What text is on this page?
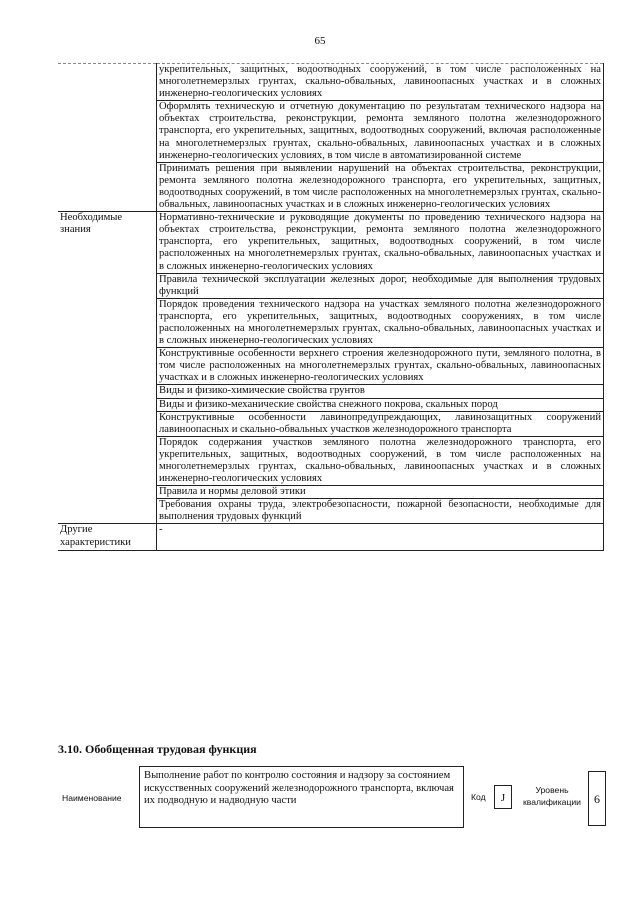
65
	укрепительных, защитных, водоотводных сооружений, в том числе расположенных на многолетнемерзлых грунтах, скально-обвальных, лавиноопасных участках и в сложных инженерно-геологических условиях
	Оформлять техническую и отчетную документацию по результатам технического надзора на объектах строительства, реконструкции, ремонта земляного полотна железнодорожного транспорта, его укрепительных, защитных, водоотводных сооружений, включая расположенные на многолетнемерзлых грунтах, скально-обвальных, лавиноопасных участках и в сложных инженерно-геологических условиях, в том числе в автоматизированной системе
	Принимать решения при выявлении нарушений на объектах строительства, реконструкции, ремонта земляного полотна железнодорожного транспорта, его укрепительных, защитных, водоотводных сооружений, в том числе расположенных на многолетнемерзлых грунтах, скально-обвальных, лавиноопасных участках и в сложных инженерно-геологических условиях
Необходимые знания	Нормативно-технические и руководящие документы по проведению технического надзора на объектах строительства, реконструкции, ремонта земляного полотна железнодорожного транспорта, его укрепительных, защитных, водоотводных сооружений, в том числе расположенных на многолетнемерзлых грунтах, скально-обвальных, лавиноопасных участках и в сложных инженерно-геологических условиях
	Правила технической эксплуатации железных дорог, необходимые для выполнения трудовых функций
	Порядок проведения технического надзора на участках земляного полотна железнодорожного транспорта, его укрепительных, защитных, водоотводных сооружениях, в том числе расположенных на многолетнемерзлых грунтах, скально-обвальных, лавиноопасных участках и в сложных инженерно-геологических условиях
	Конструктивные особенности верхнего строения железнодорожного пути, земляного полотна, в том числе расположенных на многолетнемерзлых грунтах, скально-обвальных, лавиноопасных участках и в сложных инженерно-геологических условиях
	Виды и физико-химические свойства грунтов
	Виды и физико-механические свойства снежного покрова, скальных пород
	Конструктивные особенности лавинопредупреждающих, лавинозащитных сооружений лавиноопасных и скально-обвальных участков железнодорожного транспорта
	Порядок содержания участков земляного полотна железнодорожного транспорта, его укрепительных, защитных, водоотводных сооружений, в том числе расположенных на многолетнемерзлых грунтах, скально-обвальных, лавиноопасных участках и в сложных инженерно-геологических условиях
	Правила и нормы деловой этики
	Требования охраны труда, электробезопасности, пожарной безопасности, необходимые для выполнения трудовых функций
Другие характеристики	-
3.10. Обобщенная трудовая функция
Наименование
Выполнение работ по контролю состояния и надзору за состоянием искусственных сооружений железнодорожного транспорта, включая их подводную и надводную части	Код	J
Уровень квалификации	6
